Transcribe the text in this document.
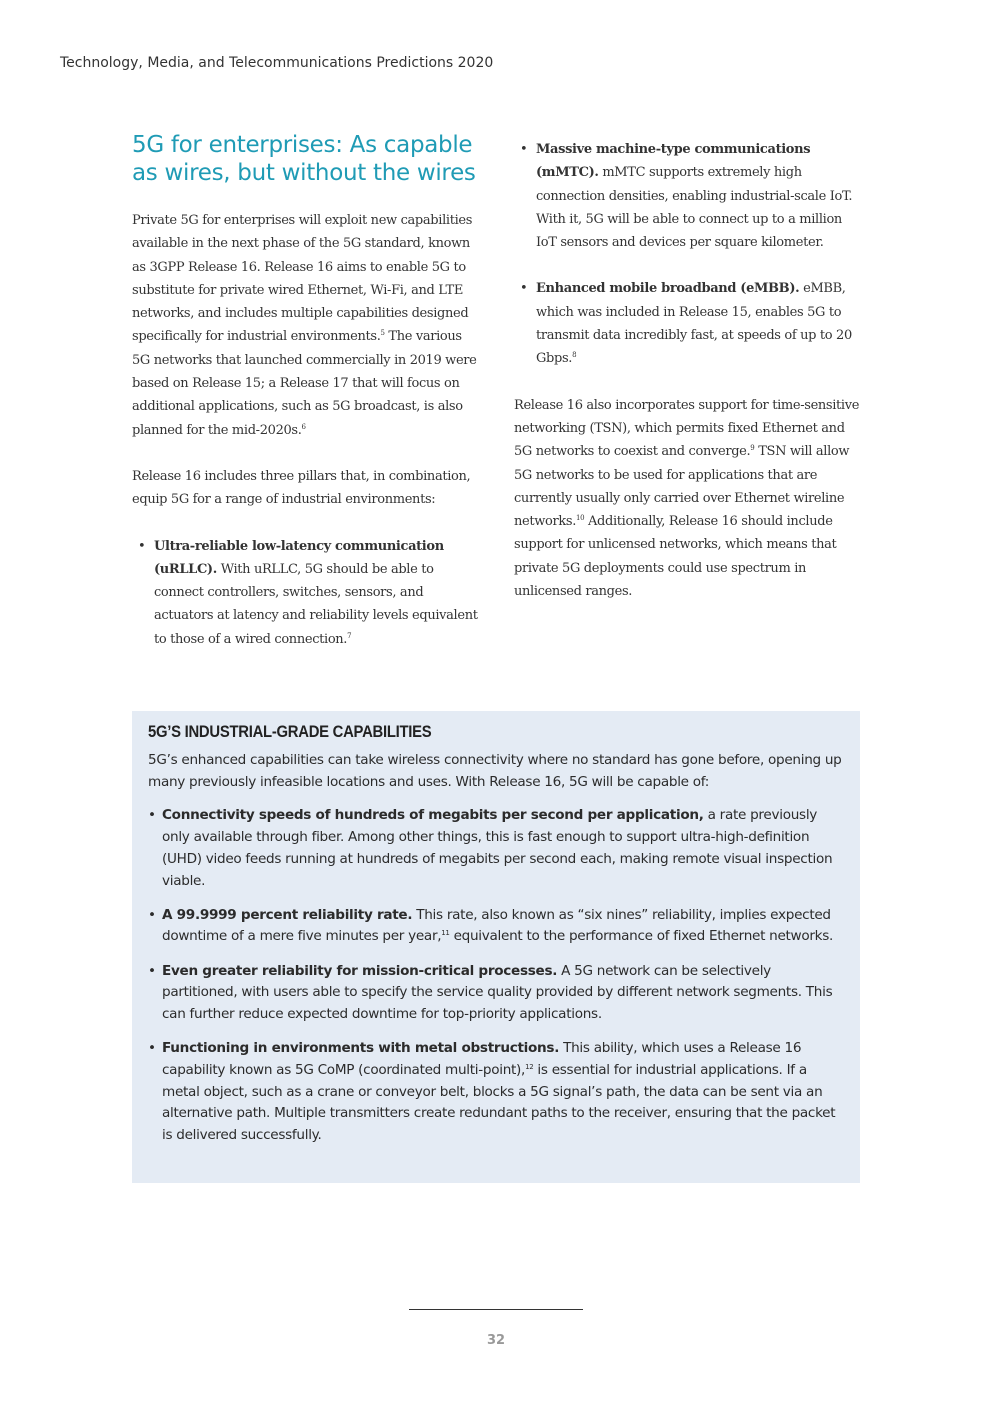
Technology, Media, and Telecommunications Predictions 2020
5G for enterprises: As capable
as wires, but without the wires

Private 5G for enterprises will exploit new capabilities available in the next phase of the 5G standard, known as 3GPP Release 16. Release 16 aims to enable 5G to substitute for private wired Ethernet, Wi-Fi, and LTE networks, and includes multiple capabilities designed specifically for industrial environments.$^5$ The various 5G networks that launched commercially in 2019 were based on Release 15; a Release 17 that will focus on additional applications, such as 5G broadcast, is also planned for the mid-2020s.$^6$

Release 16 includes three pillars that, in combination, equip 5G for a range of industrial environments:

• Ultra-reliable low-latency communication (uRLLC). With uRLLC, 5G should be able to connect controllers, switches, sensors, and actuators at latency and reliability levels equivalent to those of a wired connection.$^7$
• Massive machine-type communications (mMTC). mMTC supports extremely high connection densities, enabling industrial-scale IoT. With it, 5G will be able to connect up to a million IoT sensors and devices per square kilometer.
• Enhanced mobile broadband (eMBB). eMBB, which was included in Release 15, enables 5G to transmit data incredibly fast, at speeds of up to 20 Gbps.$^8$

Release 16 also incorporates support for time-sensitive networking (TSN), which permits fixed Ethernet and 5G networks to coexist and converge.$^9$ TSN will allow 5G networks to be used for applications that are currently usually only carried over Ethernet wireline networks.$^{10}$ Additionally, Release 16 should include support for unlicensed networks, which means that private 5G deployments could use spectrum in unlicensed ranges.

5G’S INDUSTRIAL-GRADE CAPABILITIES

5G’s enhanced capabilities can take wireless connectivity where no standard has gone before, opening up many previously infeasible locations and uses. With Release 16, 5G will be capable of:

• Connectivity speeds of hundreds of megabits per second per application, a rate previously only available through fiber. Among other things, this is fast enough to support ultra-high-definition (UHD) video feeds running at hundreds of megabits per second each, making remote visual inspection viable.
• A 99.9999 percent reliability rate. This rate, also known as “six nines” reliability, implies expected downtime of a mere five minutes per year,$^{11}$ equivalent to the performance of fixed Ethernet networks.
• Even greater reliability for mission-critical processes. A 5G network can be selectively partitioned, with users able to specify the service quality provided by different network segments. This can further reduce expected downtime for top-priority applications.
• Functioning in environments with metal obstructions. This ability, which uses a Release 16 capability known as 5G CoMP (coordinated multi-point),$^{12}$ is essential for industrial applications. If a metal object, such as a crane or conveyor belt, blocks a 5G signal’s path, the data can be sent via an alternative path. Multiple transmitters create redundant paths to the receiver, ensuring that the packet is delivered successfully.
32
